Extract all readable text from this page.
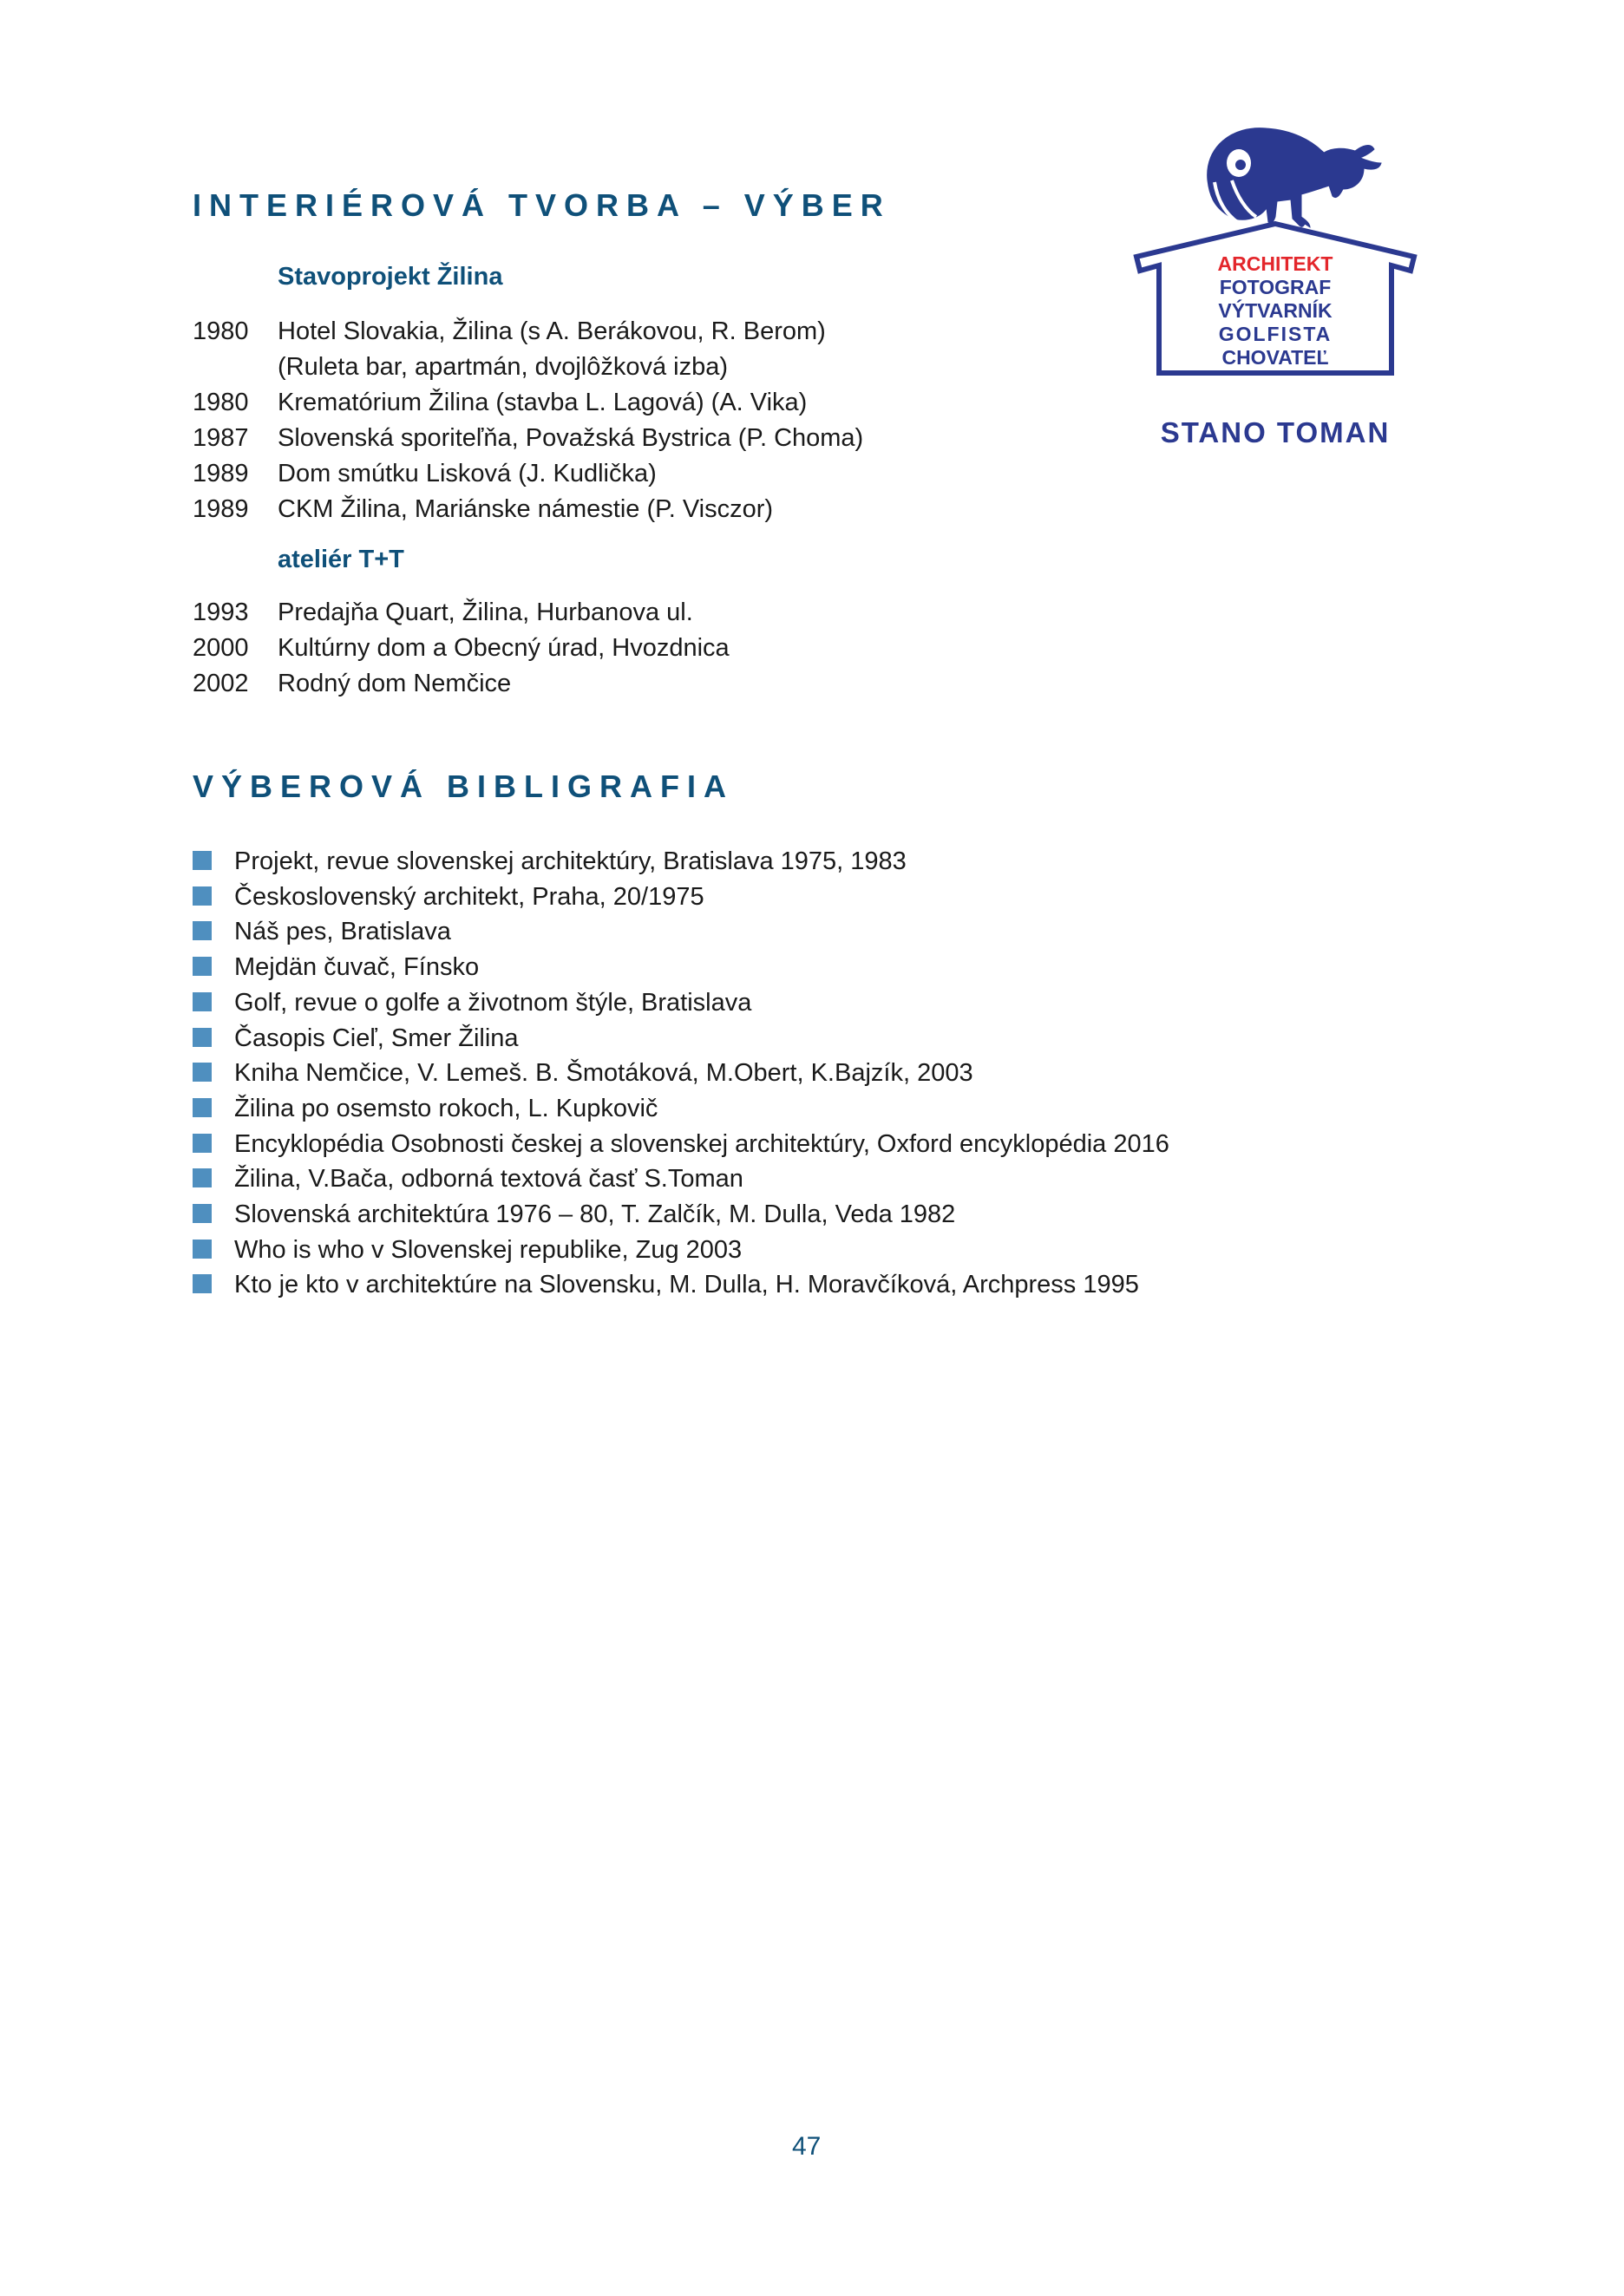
INTERIÉROVÁ TVORBA – VÝBER
Stavoprojekt Žilina
1980 Hotel Slovakia, Žilina (s A. Berákovou, R. Berom)
(Ruleta bar, apartmán, dvojlôžková izba)
1980 Krematórium Žilina (stavba L. Lagová) (A. Vika)
1987 Slovenská sporiteľňa, Považská Bystrica (P. Choma)
1989 Dom smútku Lisková (J. Kudlička)
1989 CKM Žilina, Mariánske námestie (P. Visczor)
ateliér T+T
1993 Predajňa Quart, Žilina, Hurbanova ul.
2000 Kultúrny dom a Obecný úrad, Hvozdnica
2002 Rodný dom Nemčice
VÝBEROVÁ BIBLIGRAFIA
Projekt, revue slovenskej architektúry, Bratislava 1975, 1983
Československý architekt, Praha, 20/1975
Náš pes, Bratislava
Mejdän čuvač, Fínsko
Golf, revue o golfe a životnom štýle, Bratislava
Časopis Cieľ, Smer Žilina
Kniha Nemčice, V. Lemeš. B. Šmotáková, M.Obert, K.Bajzík, 2003
Žilina po osemsto rokoch, L. Kupkovič
Encyklopédia Osobnosti českej a slovenskej architektúry, Oxford encyklopédia 2016
Žilina, V.Bača, odborná textová časť S.Toman
Slovenská architektúra 1976 – 80, T. Zalčík, M. Dulla, Veda 1982
Who is who v Slovenskej republike, Zug 2003
Kto je kto v architektúre na Slovensku, M. Dulla, H. Moravčíková, Archpress 1995
ARCHITEKT
FOTOGRAF
VÝTVARNÍK
GOLFISTA
CHOVATEĽ
STANO TOMAN
47
